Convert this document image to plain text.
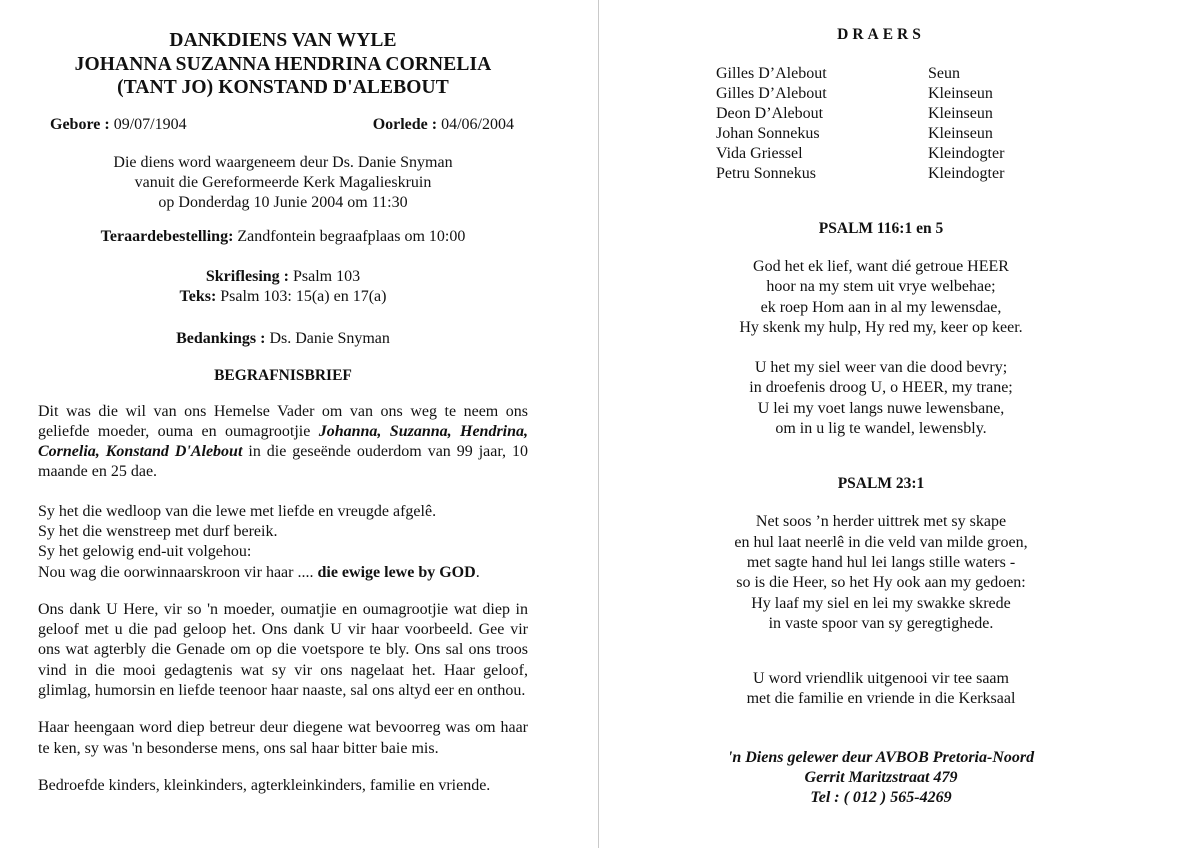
DANKDIENS VAN WYLE
JOHANNA SUZANNA HENDRINA CORNELIA
(TANT JO) KONSTAND D'ALEBOUT
Gebore : 09/07/1904	Oorlede : 04/06/2004
Die diens word waargeneem deur Ds. Danie Snyman
vanuit die Gereformeerde Kerk Magalieskruin
op Donderdag 10 Junie 2004 om 11:30
Teraardebestelling: Zandfontein begraafplaas om 10:00
Skriflesing : Psalm 103
Teks: Psalm 103: 15(a) en 17(a)
Bedankings : Ds. Danie Snyman
BEGRAFNISBRIEF
Dit was die wil van ons Hemelse Vader om van ons weg te neem ons geliefde moeder, ouma en oumagrootjie Johanna, Suzanna, Hendrina, Cornelia, Konstand D'Alebout in die geseënde ouderdom van 99 jaar, 10 maande en 25 dae.
Sy het die wedloop van die lewe met liefde en vreugde afgelê.
Sy het die wenstreep met durf bereik.
Sy het gelowig end-uit volgehou:
Nou wag die oorwinnaarskroon vir haar .... die ewige lewe by GOD.
Ons dank U Here, vir so 'n moeder, oumatjie en oumagrootjie wat diep in geloof met u die pad geloop het. Ons dank U vir haar voorbeeld. Gee vir ons wat agterbly die Genade om op die voetspore te bly. Ons sal ons troos vind in die mooi gedagtenis wat sy vir ons nagelaat het. Haar geloof, glimlag, humorsin en liefde teenoor haar naaste, sal ons altyd eer en onthou.
Haar heengaan word diep betreur deur diegene wat bevoorreg was om haar te ken, sy was 'n besonderse mens, ons sal haar bitter baie mis.
Bedroefde kinders, kleinkinders, agterkleinkinders, familie en vriende.
DRAERS
Gilles D’Alebout	Seun
Gilles D’Alebout	Kleinseun
Deon D’Alebout	Kleinseun
Johan Sonnekus	Kleinseun
Vida Griessel	Kleindogter
Petru Sonnekus	Kleindogter
PSALM 116:1 en 5
God het ek lief, want dié getroue HEER
hoor na my stem uit vrye welbehae;
ek roep Hom aan in al my lewensdae,
Hy skenk my hulp, Hy red my, keer op keer.
U het my siel weer van die dood bevry;
in droefenis droog U, o HEER, my trane;
U lei my voet langs nuwe lewensbane,
om in u lig te wandel, lewensbly.
PSALM 23:1
Net soos ’n herder uittrek met sy skape
en hul laat neerlê in die veld van milde groen,
met sagte hand hul lei langs stille waters -
so is die Heer, so het Hy ook aan my gedoen:
Hy laaf my siel en lei my swakke skrede
in vaste spoor van sy geregtighede.
U word vriendlik uitgenooi vir tee saam
met die familie en vriende in die Kerksaal
'n Diens gelewer deur AVBOB Pretoria-Noord
Gerrit Maritzstraat 479
Tel : ( 012 ) 565-4269
